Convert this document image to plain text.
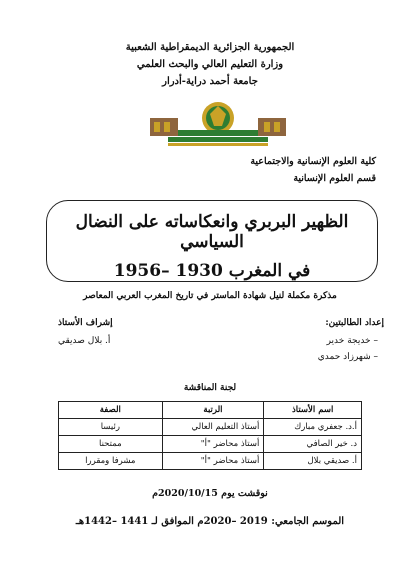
الجمهورية الجزائرية الديمقراطية الشعبية
وزارة التعليم العالي والبحث العلمي
جامعة أحمد دراية-أدرار
كلية العلوم الإنسانية والاجتماعية
قسم العلوم الإنسانية
الظهير البربري وانعكاساته على النضال السياسي
في المغرب 1930 –1956
مذكرة مكملة لنيل شهادة الماستر في تاريخ المغرب العربي المعاصر
إعداد الطالبتين:
– خديجة خدير
– شهرزاد حمدي
إشراف الأستاذ
أ. بلال صديقي
لجنة المناقشة
اسم الأستاذ	الرتبة	الصفة
أ.د. جعفري مبارك	أستاذ التعليم العالي	رئيسا
د. خير الصافي	أستاذ محاضر "أ"	ممتحنا
أ. صديقي بلال	أستاذ محاضر "أ"	مشرفا ومقررا
نوقشت يوم 2020/10/15م
الموسم الجامعي: 2019 –2020م الموافق لـ 1441 –1442هـ
